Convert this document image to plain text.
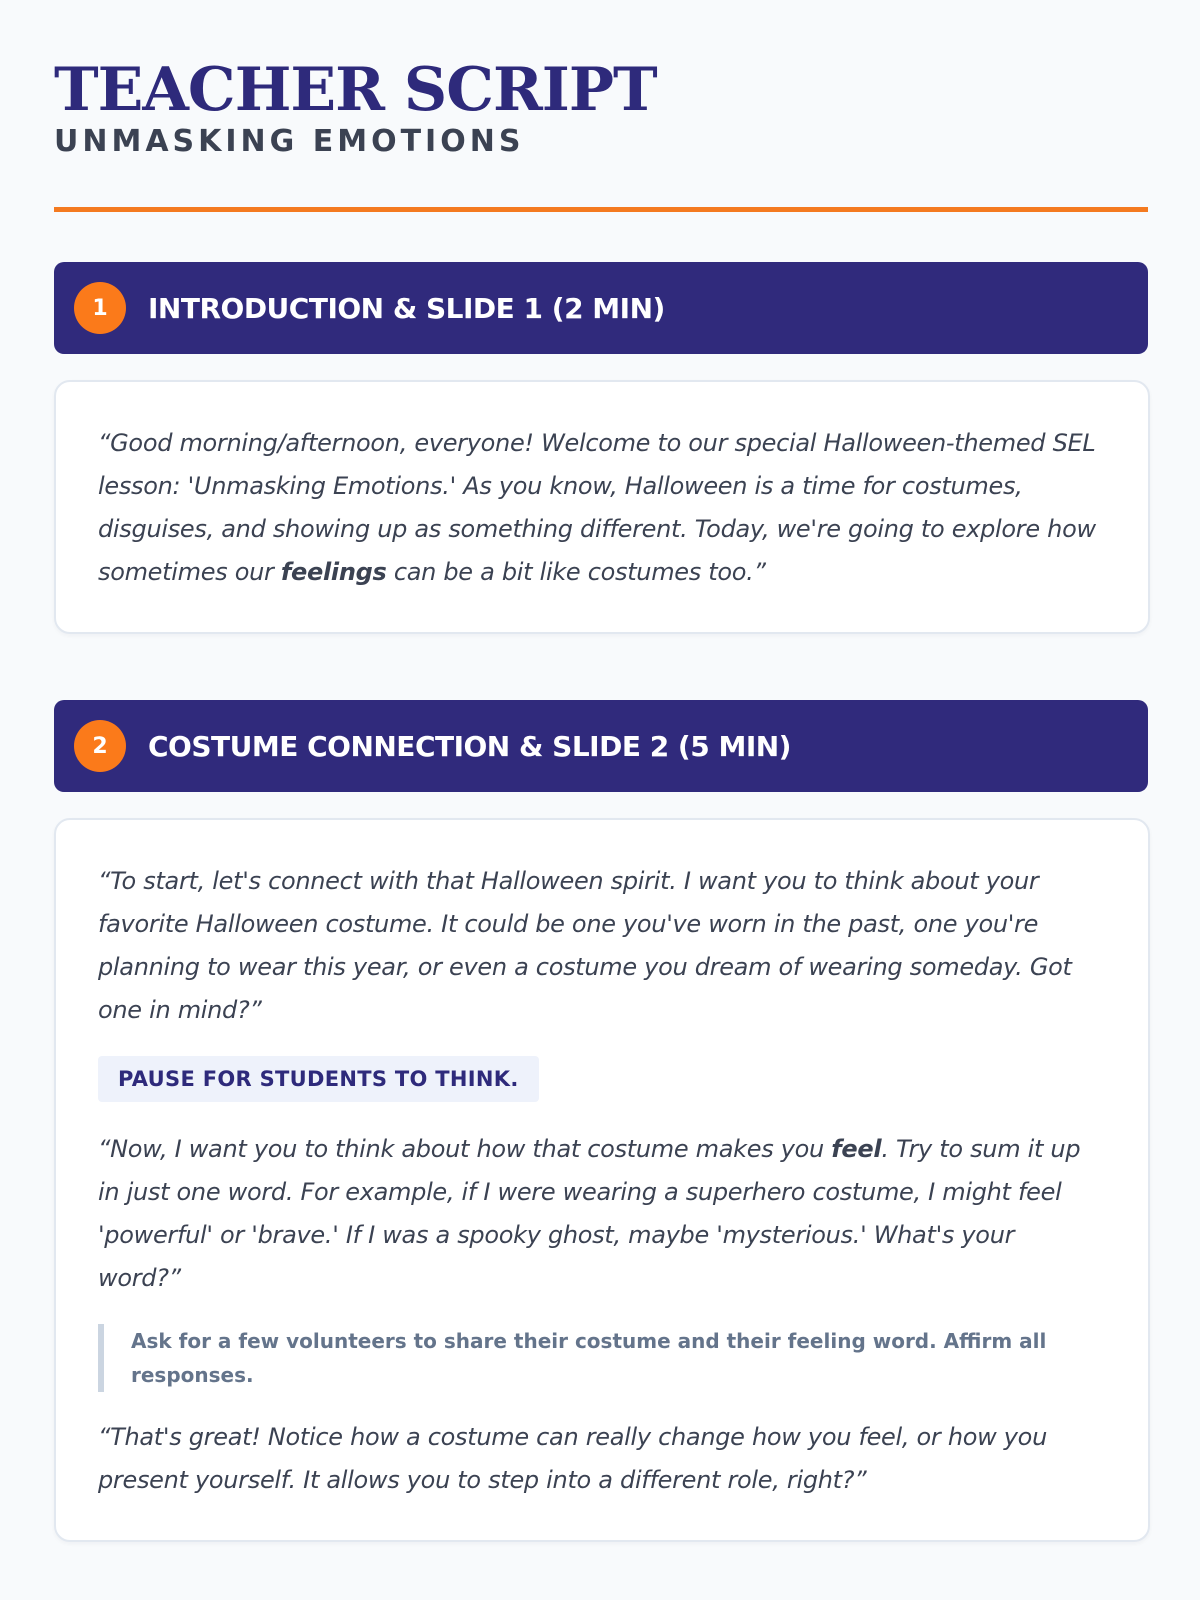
TEACHER SCRIPT
UNMASKING EMOTIONS
1	INTRODUCTION & SLIDE 1 (2 MIN)

“Good morning/afternoon, everyone! Welcome to our special Halloween-themed SEL lesson: 'Unmasking Emotions.' As you know, Halloween is a time for costumes, disguises, and showing up as something different. Today, we're going to explore how sometimes our feelings can be a bit like costumes too.”

2	COSTUME CONNECTION & SLIDE 2 (5 MIN)

“To start, let's connect with that Halloween spirit. I want you to think about your favorite Halloween costume. It could be one you've worn in the past, one you're planning to wear this year, or even a costume you dream of wearing someday. Got one in mind?”

PAUSE FOR STUDENTS TO THINK.

“Now, I want you to think about how that costume makes you feel. Try to sum it up in just one word. For example, if I were wearing a superhero costume, I might feel 'powerful' or 'brave.' If I was a spooky ghost, maybe 'mysterious.' What's your word?”

Ask for a few volunteers to share their costume and their feeling word. Affirm all responses.

“That's great! Notice how a costume can really change how you feel, or how you present yourself. It allows you to step into a different role, right?”
